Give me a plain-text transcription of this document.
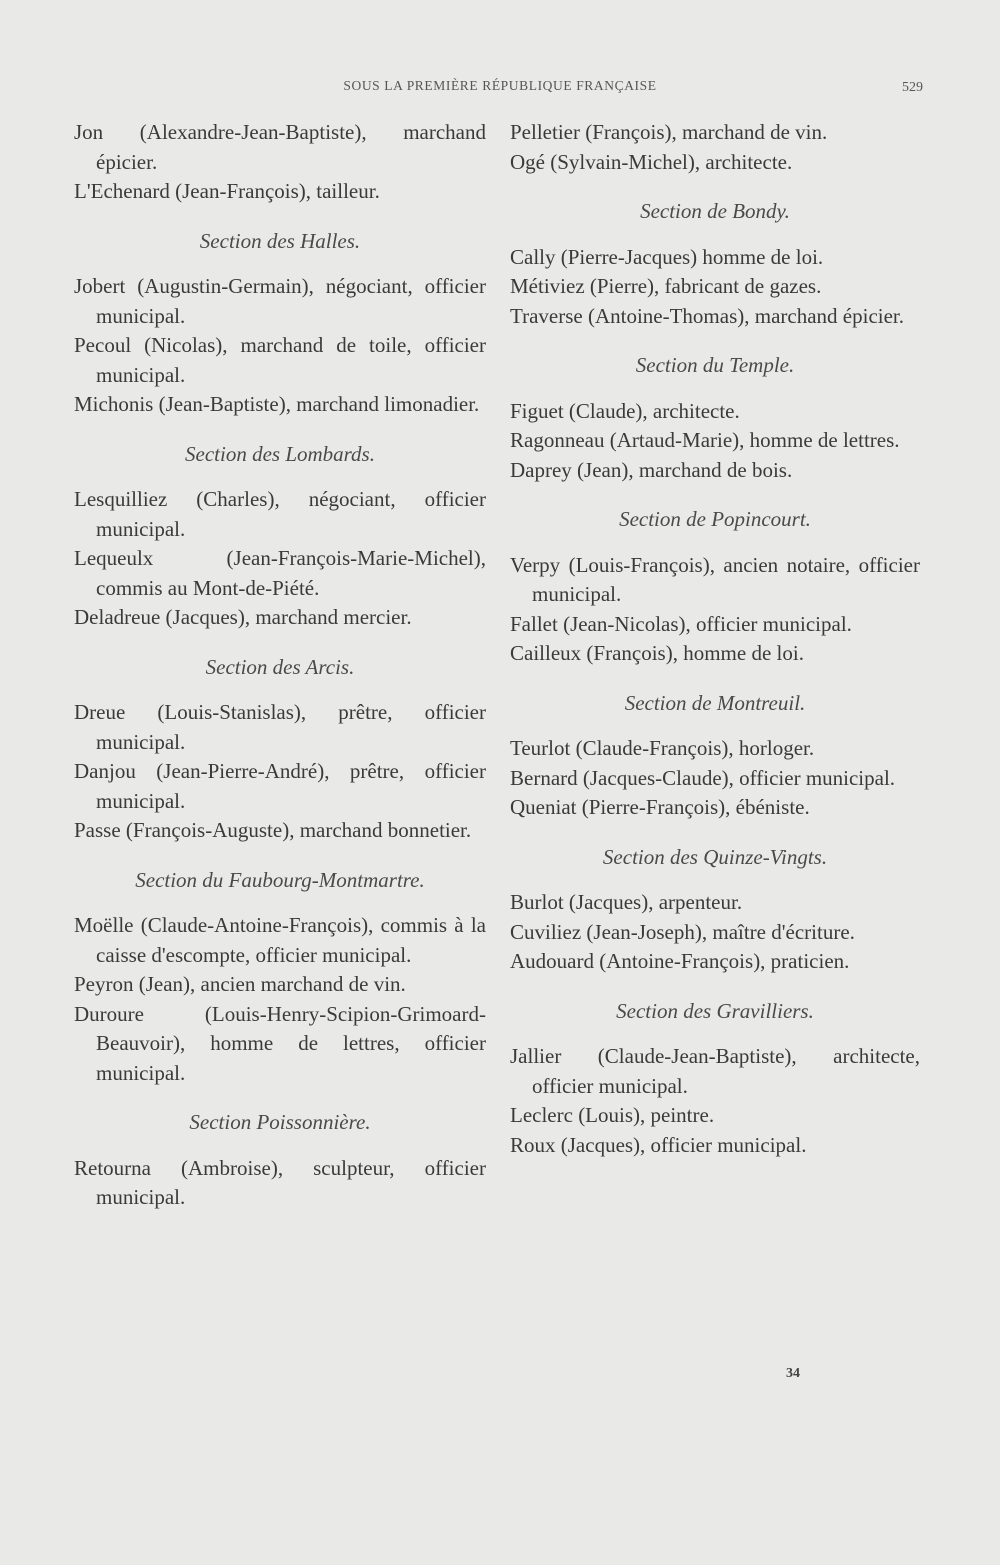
SOUS LA PREMIÈRE RÉPUBLIQUE FRANÇAISE	529
Jon (Alexandre-Jean-Baptiste), marchand épicier.
L'Echenard (Jean-François), tailleur.
Section des Halles.
Jobert (Augustin-Germain), négociant, officier municipal.
Pecoul (Nicolas), marchand de toile, officier municipal.
Michonis (Jean-Baptiste), marchand limonadier.
Section des Lombards.
Lesquilliez (Charles), négociant, officier municipal.
Lequeulx (Jean-François-Marie-Michel), commis au Mont-de-Piété.
Deladreue (Jacques), marchand mercier.
Section des Arcis.
Dreue (Louis-Stanislas), prêtre, officier municipal.
Danjou (Jean-Pierre-André), prêtre, officier municipal.
Passe (François-Auguste), marchand bonnetier.
Section du Faubourg-Montmartre.
Moëlle (Claude-Antoine-François), commis à la caisse d'escompte, officier municipal.
Peyron (Jean), ancien marchand de vin.
Duroure (Louis-Henry-Scipion-Grimoard-Beauvoir), homme de lettres, officier municipal.
Section Poissonnière.
Retourna (Ambroise), sculpteur, officier municipal.
Pelletier (François), marchand de vin.
Ogé (Sylvain-Michel), architecte.
Section de Bondy.
Cally (Pierre-Jacques) homme de loi.
Métiviez (Pierre), fabricant de gazes.
Traverse (Antoine-Thomas), marchand épicier.
Section du Temple.
Figuet (Claude), architecte.
Ragonneau (Artaud-Marie), homme de lettres.
Daprey (Jean), marchand de bois.
Section de Popincourt.
Verpy (Louis-François), ancien notaire, officier municipal.
Fallet (Jean-Nicolas), officier municipal.
Cailleux (François), homme de loi.
Section de Montreuil.
Teurlot (Claude-François), horloger.
Bernard (Jacques-Claude), officier municipal.
Queniat (Pierre-François), ébéniste.
Section des Quinze-Vingts.
Burlot (Jacques), arpenteur.
Cuviliez (Jean-Joseph), maître d'écriture.
Audouard (Antoine-François), praticien.
Section des Gravilliers.
Jallier (Claude-Jean-Baptiste), architecte, officier municipal.
Leclerc (Louis), peintre.
Roux (Jacques), officier municipal.
34
